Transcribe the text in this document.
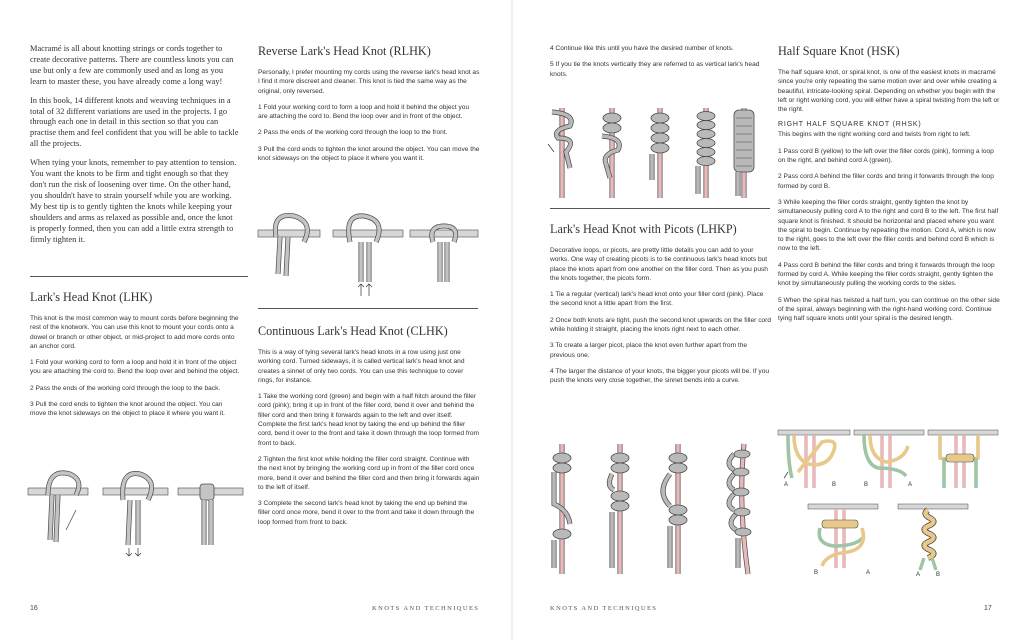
Macramé is all about knotting strings or cords together to create decorative patterns. There are countless knots you can use but only a few are commonly used and as long as you learn to master these, you have already come a long way!

In this book, 14 different knots and weaving techniques in a total of 32 different variations are used in the projects. I go through each one in detail in this section so that you can practise them and feel confident that you will be able to tackle all the projects.

When tying your knots, remember to pay attention to tension. You want the knots to be firm and tight enough so that they don't run the risk of loosening over time. On the other hand, you shouldn't have to strain yourself while you are working. My best tip is to gently tighten the knots while keeping your shoulders and arms as relaxed as possible and, once the knot is properly formed, then you can add a little extra strength to firmly tighten it.

Lark's Head Knot (LHK)

This knot is the most common way to mount cords before beginning the rest of the knotwork. You can use this knot to mount your cords onto a dowel or branch or other object, or mid-project to add more cords onto an anchor cord.

1 Fold your working cord to form a loop and hold it in front of the object you are attaching the cord to. Bend the loop over and behind the object.

2 Pass the ends of the working cord through the loop to the back.

3 Pull the cord ends to tighten the knot around the object. You can move the knot sideways on the object to place it where you want it.

Reverse Lark's Head Knot (RLHK)

Personally, I prefer mounting my cords using the reverse lark's head knot as I find it more discreet and cleaner. This knot is tied the same way as the original, only reversed.

1 Fold your working cord to form a loop and hold it behind the object you are attaching the cord to. Bend the loop over and in front of the object.

2 Pass the ends of the working cord through the loop to the front.

3 Pull the cord ends to tighten the knot around the object. You can move the knot sideways on the object to place it where you want it.

Continuous Lark's Head Knot (CLHK)

This is a way of tying several lark's head knots in a row using just one working cord. Turned sideways, it is called vertical lark's head knot and creates a sinnet of only two cords. You can use this technique to cover rings, for instance.

1 Take the working cord (green) and begin with a half hitch around the filler cord (pink); bring it up in front of the filler cord, bend it over and behind the filler cord and then bring it forwards again to the left and over itself. Complete the first lark's head knot by taking the end up behind the filler cord, bend it over to the front and take it down through the loop formed from front to back.

2 Tighten the first knot while holding the filler cord straight. Continue with the next knot by bringing the working cord up in front of the filler cord once more, bend it over and behind the filler cord and then bring it forwards again to the left of itself.

3 Complete the second lark's head knot by taking the end up behind the filler cord once more, bend it over to the front and take it down through the loop formed from front to back.

16	KNOTS AND TECHNIQUES

4 Continue like this until you have the desired number of knots.

5 If you tie the knots vertically they are referred to as vertical lark's head knots.

Lark's Head Knot with Picots (LHKP)

Decorative loops, or picots, are pretty little details you can add to your works. One way of creating picots is to tie continuous lark's head knots but place the knots apart from one another on the filler cord. Then as you push the knots together, the picots form.

1 Tie a regular (vertical) lark's head knot onto your filler cord (pink). Place the second knot a little apart from the first.

2 Once both knots are tight, push the second knot upwards on the filler cord while holding it straight, placing the knots right next to each other.

3 To create a larger picot, place the knot even further apart from the previous one.

4 The larger the distance of your knots, the bigger your picots will be. If you push the knots very close together, the sinnet bends into a curve.

Half Square Knot (HSK)

The half square knot, or spiral knot, is one of the easiest knots in macramé since you're only repeating the same motion over and over while creating a beautiful, intricate-looking spiral. Depending on whether you begin with the left or right working cord, you will either have a spiral twisting from the left or the right.

RIGHT HALF SQUARE KNOT (RHSK)

This begins with the right working cord and twists from right to left.

1 Pass cord B (yellow) to the left over the filler cords (pink), forming a loop on the right, and behind cord A (green).

2 Pass cord A behind the filler cords and bring it forwards through the loop formed by cord B.

3 While keeping the filler cords straight, gently tighten the knot by simultaneously pulling cord A to the right and cord B to the left. The first half square knot is finished. It should be horizontal and placed where you want the spiral to begin. Continue by repeating the motion. Cord A, which is now to the right, goes to the left over the filler cords and behind cord B which is now to the left.

4 Pass cord B behind the filler cords and bring it forwards through the loop formed by cord A. While keeping the filler cords straight, gently tighten the knot by simultaneously pulling the working cords to the sides.

5 When the spiral has twisted a half turn, you can continue on the other side of the spiral, always beginning with the right-hand working cord. Continue tying half square knots until your spiral is the desired length.

A	B	B	A
B	A	A	B
KNOTS AND TECHNIQUES	17
